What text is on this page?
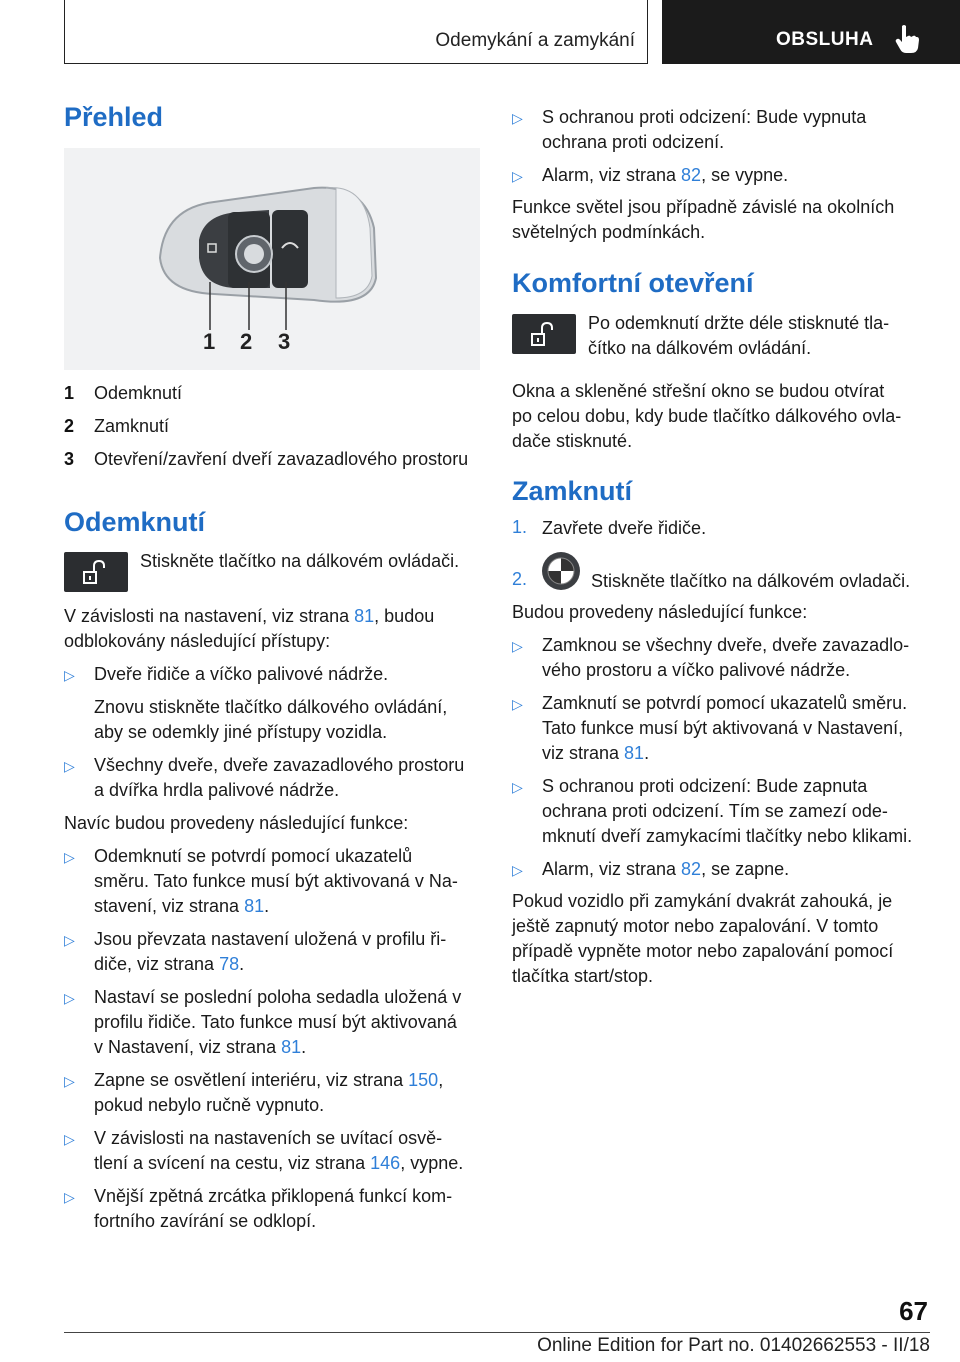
Odemykání a zamykání	OBSLUHA
Přehled
1 2 3
1 Odemknutí
2 Zamknutí
3 Otevření/zavření dveří zavazadlového prostoru
Odemknutí
Stiskněte tlačítko na dálkovém ovládači.
V závislosti na nastavení, viz strana 81, budou
odblokovány následující přístupy:
▷ Dveře řidiče a víčko palivové nádrže.
Znovu stiskněte tlačítko dálkového ovládání,
aby se odemkly jiné přístupy vozidla.
▷ Všechny dveře, dveře zavazadlového prostoru
a dvířka hrdla palivové nádrže.
Navíc budou provedeny následující funkce:
▷ Odemknutí se potvrdí pomocí ukazatelů
směru. Tato funkce musí být aktivovaná v Na-
stavení, viz strana 81.
▷ Jsou převzata nastavení uložená v profilu ři-
diče, viz strana 78.
▷ Nastaví se poslední poloha sedadla uložená v
profilu řidiče. Tato funkce musí být aktivovaná
v Nastavení, viz strana 81.
▷ Zapne se osvětlení interiéru, viz strana 150,
pokud nebylo ručně vypnuto.
▷ V závislosti na nastaveních se uvítací osvě-
tlení a svícení na cestu, viz strana 146, vypne.
▷ Vnější zpětná zrcátka přiklopená funkcí kom-
fortního zavírání se odklopí.
▷ S ochranou proti odcizení: Bude vypnuta
ochrana proti odcizení.
▷ Alarm, viz strana 82, se vypne.
Funkce světel jsou případně závislé na okolních
světelných podmínkách.
Komfortní otevření
Po odemknutí držte déle stisknuté tla-
čítko na dálkovém ovládání.
Okna a skleněné střešní okno se budou otvírat
po celou dobu, kdy bude tlačítko dálkového ovla-
dače stisknuté.
Zamknutí
1. Zavřete dveře řidiče.
2.	Stiskněte tlačítko na dálkovém ovladači.
Budou provedeny následující funkce:
▷ Zamknou se všechny dveře, dveře zavazadlo-
vého prostoru a víčko palivové nádrže.
▷ Zamknutí se potvrdí pomocí ukazatelů směru.
Tato funkce musí být aktivovaná v Nastavení,
viz strana 81.
▷ S ochranou proti odcizení: Bude zapnuta
ochrana proti odcizení. Tím se zamezí ode-
mknutí dveří zamykacími tlačítky nebo klikami.
▷ Alarm, viz strana 82, se zapne.
Pokud vozidlo při zamykání dvakrát zahouká, je
ještě zapnutý motor nebo zapalování. V tomto
případě vypněte motor nebo zapalování pomocí
tlačítka start/stop.
67
Online Edition for Part no. 01402662553 - II/18
